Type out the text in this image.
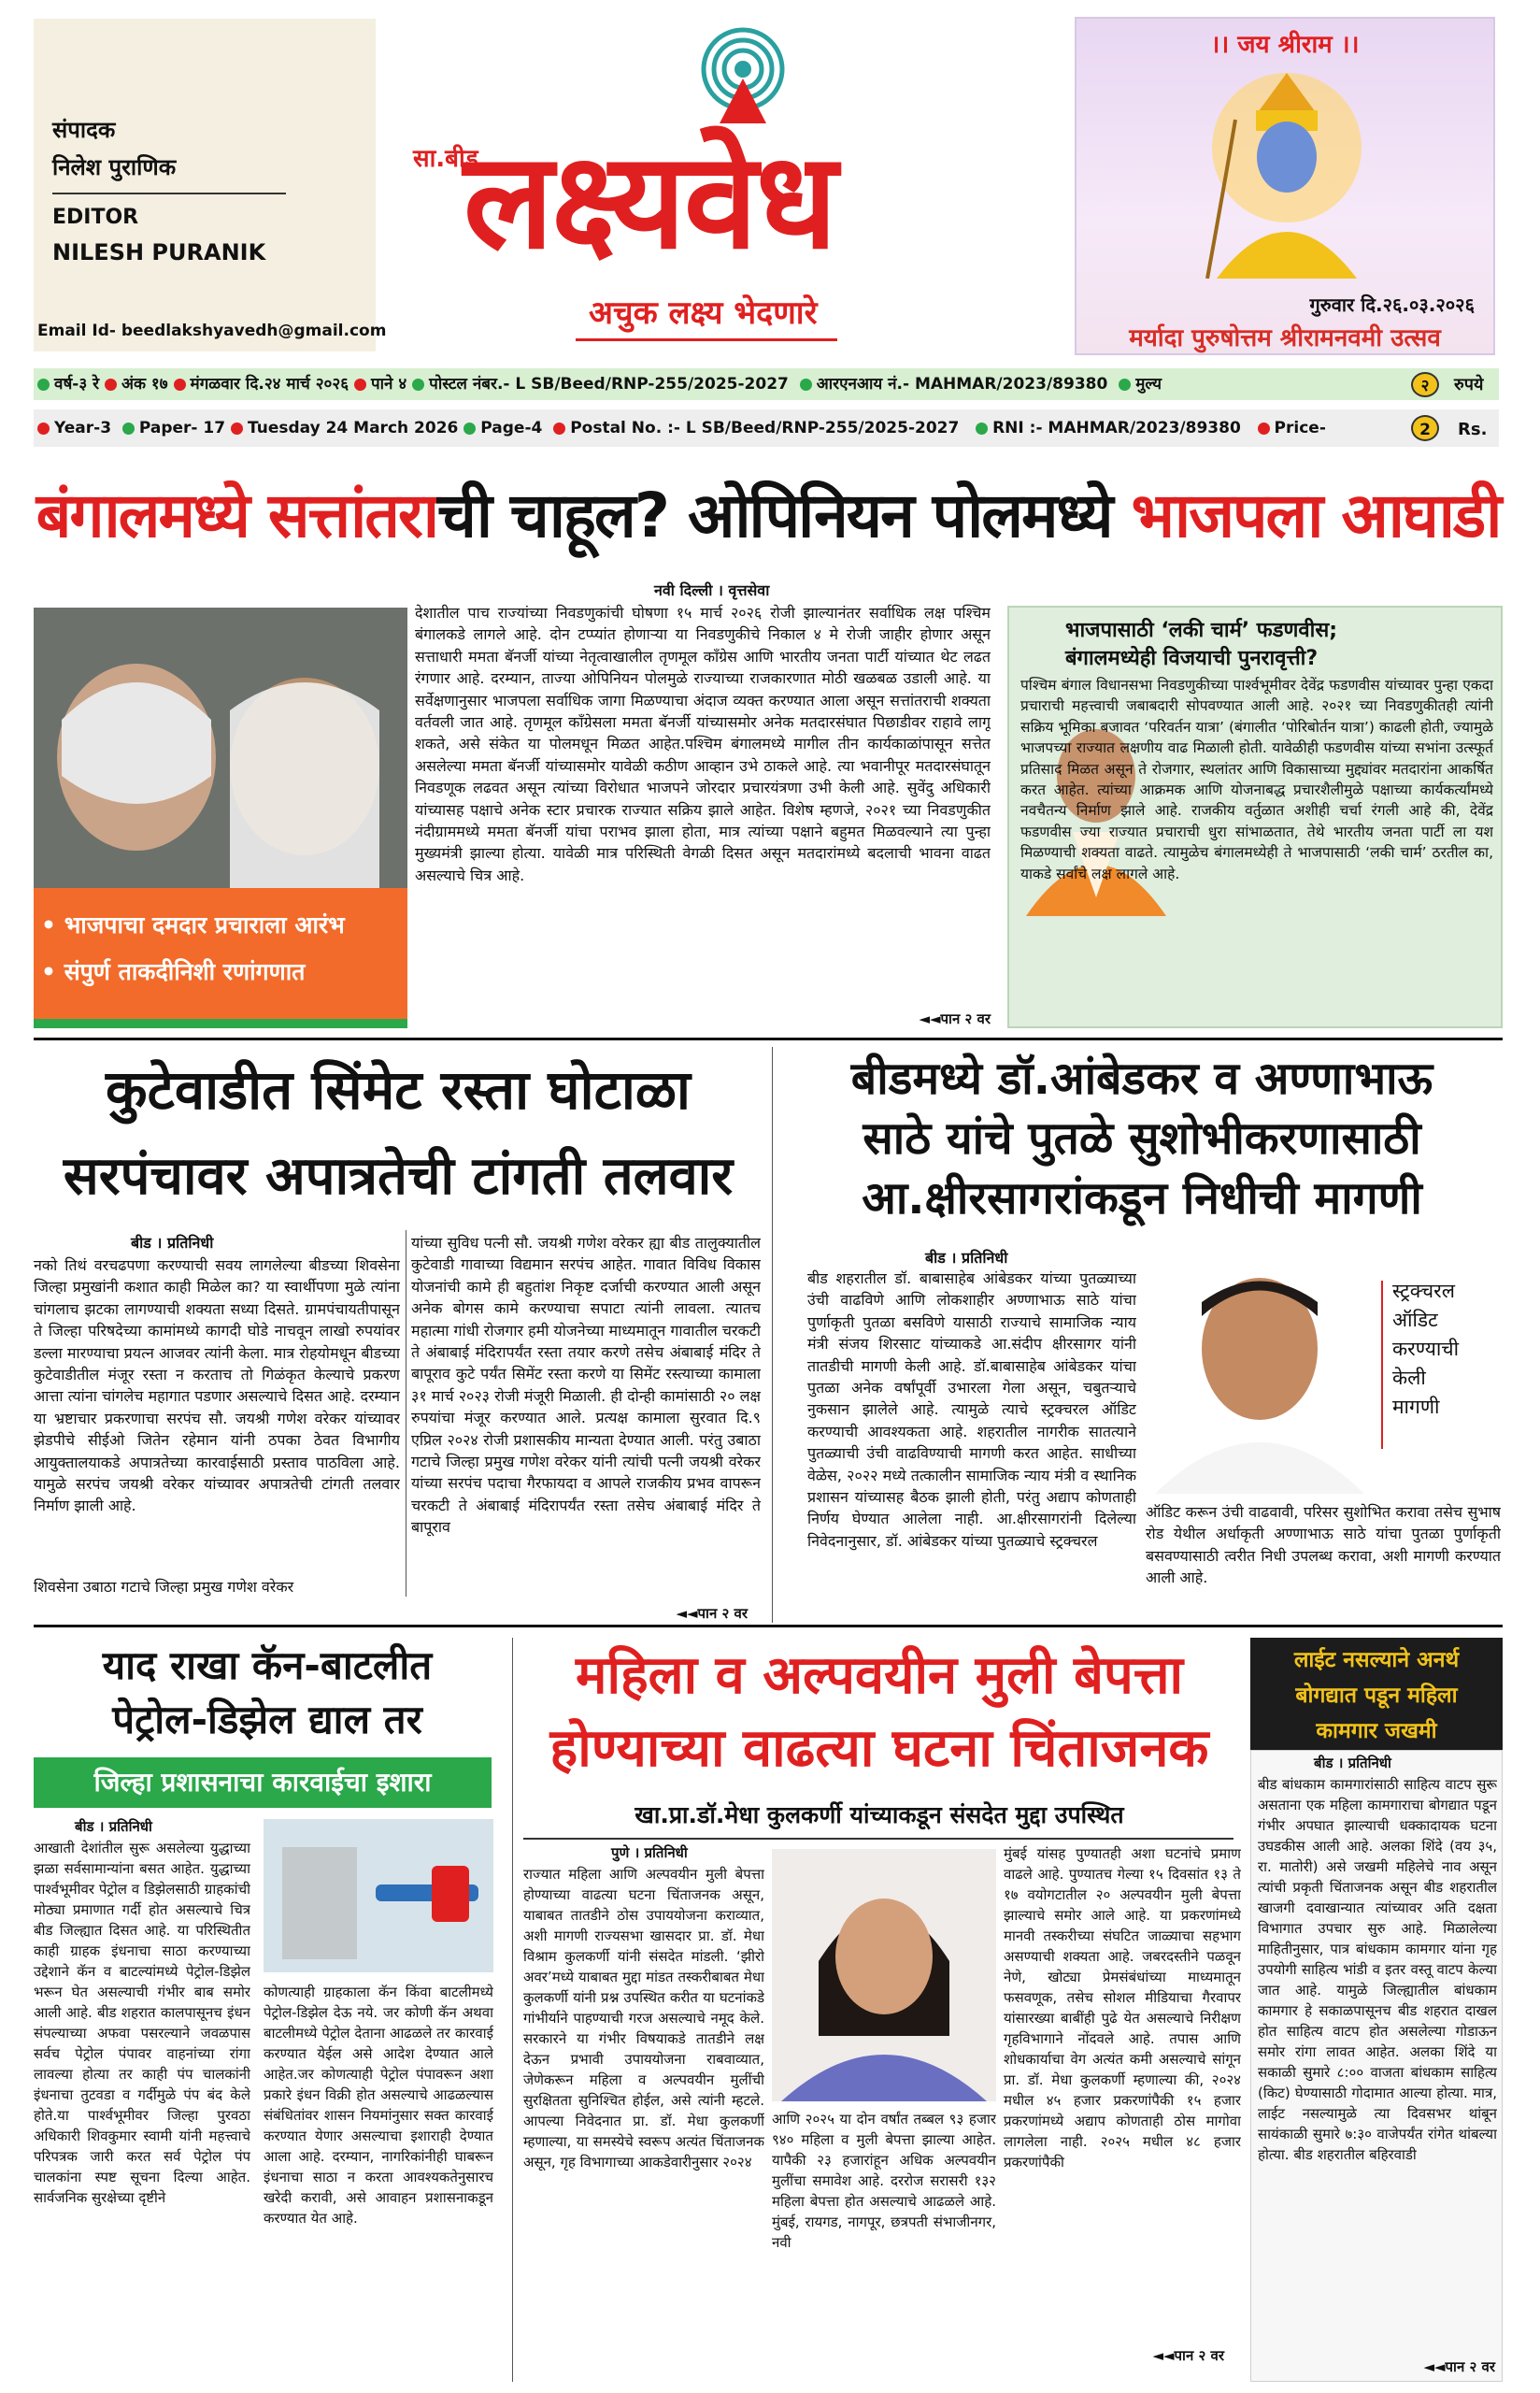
संपादक
निलेश पुराणिक
EDITOR
NILESH PURANIK
Email Id- beedlakshyavedh@gmail.com
सा.बीड
लक्ष्यवेध
अचुक लक्ष्य भेदणारे
।। जय श्रीराम ।।
गुरुवार दि.२६.०३.२०२६
मर्यादा पुरुषोत्तम श्रीरामनवमी उत्सव
वर्ष-३ रे अंक १७ मंगळवार दि.२४ मार्च २०२६ पाने ४ पोस्टल नंबर.- L SB/Beed/RNP-255/2025-2027 आरएनआय नं.- MAHMAR/2023/89380 मुल्य	२	रुपये
Year-3 Paper- 17 Tuesday 24 March 2026 Page-4 Postal No. :- L SB/Beed/RNP-255/2025-2027 RNI :- MAHMAR/2023/89380 Price-	2	Rs.
बंगालमध्ये सत्तांतराची चाहूल? ओपिनियन पोलमध्ये भाजपला आघाडी
• भाजपाचा दमदार प्रचाराला आरंभ
• संपुर्ण ताकदीनिशी रणांगणात
नवी दिल्ली । वृत्तसेवा

देशातील पाच राज्यांच्या निवडणुकांची घोषणा १५ मार्च २०२६ रोजी झाल्यानंतर सर्वाधिक लक्ष पश्चिम बंगालकडे लागले आहे. दोन टप्प्यांत होणाऱ्या या निवडणुकीचे निकाल ४ मे रोजी जाहीर होणार असून सत्ताधारी ममता बॅनर्जी यांच्या नेतृत्वाखालील तृणमूल काँग्रेस आणि भारतीय जनता पार्टी यांच्यात थेट लढत रंगणार आहे. दरम्यान, ताज्या ओपिनियन पोलमुळे राज्याच्या राजकारणात मोठी खळबळ उडाली आहे. या सर्वेक्षणानुसार भाजपला सर्वाधिक जागा मिळण्याचा अंदाज व्यक्त करण्यात आला असून सत्तांतराची शक्यता वर्तवली जात आहे. तृणमूल काँग्रेसला ममता बॅनर्जी यांच्यासमोर अनेक मतदारसंघात पिछाडीवर राहावे लागू शकते, असे संकेत या पोलमधून मिळत आहेत.पश्चिम बंगालमध्ये मागील तीन कार्यकाळांपासून सत्तेत असलेल्या ममता बॅनर्जी यांच्यासमोर यावेळी कठीण आव्हान उभे ठाकले आहे. त्या भवानीपूर मतदारसंघातून निवडणूक लढवत असून त्यांच्या विरोधात भाजपने जोरदार प्रचारयंत्रणा उभी केली आहे. सुवेंदु अधिकारी यांच्यासह पक्षाचे अनेक स्टार प्रचारक राज्यात सक्रिय झाले आहेत. विशेष म्हणजे, २०२१ च्या निवडणुकीत नंदीग्राममध्ये ममता बॅनर्जी यांचा पराभव झाला होता, मात्र त्यांच्या पक्षाने बहुमत मिळवल्याने त्या पुन्हा मुख्यमंत्री झाल्या होत्या. यावेळी मात्र परिस्थिती वेगळी दिसत असून मतदारांमध्ये बदलाची भावना वाढत असल्याचे चित्र आहे.

◄◄पान २ वर
भाजपासाठी ‘लकी चार्म’ फडणवीस;
बंगालमध्येही विजयाची पुनरावृत्ती?

पश्चिम बंगाल विधानसभा निवडणुकीच्या पार्श्वभूमीवर देवेंद्र फडणवीस यांच्यावर पुन्हा एकदा प्रचाराची महत्त्वाची जबाबदारी सोपवण्यात आली आहे. २०२१ च्या निवडणुकीतही त्यांनी सक्रिय भूमिका बजावत ‘परिवर्तन यात्रा’ (बंगालीत ‘पोरिबोर्तन यात्रा’) काढली होती, ज्यामुळे भाजपच्या राज्यात लक्षणीय वाढ मिळाली होती. यावेळीही फडणवीस यांच्या सभांना उत्स्फूर्त प्रतिसाद मिळत असून ते रोजगार, स्थलांतर आणि विकासाच्या मुद्द्यांवर मतदारांना आकर्षित करत आहेत. त्यांच्या आक्रमक आणि योजनाबद्ध प्रचारशैलीमुळे पक्षाच्या कार्यकर्त्यांमध्ये नवचैतन्य निर्माण झाले आहे. राजकीय वर्तुळात अशीही चर्चा रंगली आहे की, देवेंद्र फडणवीस ज्या राज्यात प्रचाराची धुरा सांभाळतात, तेथे भारतीय जनता पार्टी ला यश मिळण्याची शक्यता वाढते. त्यामुळेच बंगालमध्येही ते भाजपासाठी ‘लकी चार्म’ ठरतील का, याकडे सर्वांचे लक्ष लागले आहे.

कुटेवाडीत सिंमेट रस्ता घोटाळा
सरपंचावर अपात्रतेची टांगती तलवार
बीड । प्रतिनिधी

नको तिथं वरचढपणा करण्याची सवय लागलेल्या बीडच्या शिवसेना जिल्हा प्रमुखांनी कशात काही मिळेल का? या स्वार्थीपणा मुळे त्यांना चांगलाच झटका लागण्याची शक्यता सध्या दिसते. ग्रामपंचायतीपासून ते जिल्हा परिषदेच्या कामांमध्ये कागदी घोडे नाचवून लाखो रुपयांवर डल्ला मारण्याचा प्रयत्न आजवर त्यांनी केला. मात्र रोहयोमधून बीडच्या कुटेवाडीतील मंजूर रस्ता न करताच तो गिळंकृत केल्याचे प्रकरण आत्ता त्यांना चांगलेच महागात पडणार असल्याचे दिसत आहे. दरम्यान या भ्रष्टाचार प्रकरणाचा सरपंच सौ. जयश्री गणेश वरेकर यांच्यावर झेडपीचे सीईओ जितेन रहेमान यांनी ठपका ठेवत विभागीय आयुक्तालयाकडे अपात्रतेच्या कारवाईसाठी प्रस्ताव पाठविला आहे. यामुळे सरपंच जयश्री वरेकर यांच्यावर अपात्रतेची टांगती तलवार निर्माण झाली आहे.

शिवसेना उबाठा गटाचे जिल्हा प्रमुख गणेश वरेकर

यांच्या सुविध पत्नी सौ. जयश्री गणेश वरेकर ह्या बीड तालुक्यातील कुटेवाडी गावाच्या विद्यमान सरपंच आहेत. गावात विविध विकास योजनांची कामे ही बहुतांश निकृष्ट दर्जाची करण्यात आली असून अनेक बोगस कामे करण्याचा सपाटा त्यांनी लावला. त्यातच महात्मा गांधी रोजगार हमी योजनेच्या माध्यमातून गावातील चरकटी ते अंबाबाई मंदिरापर्यंत रस्ता तयार करणे तसेच अंबाबाई मंदिर ते बापूराव कुटे पर्यंत सिमेंट रस्ता करणे या सिमेंट रस्त्याच्या कामाला ३१ मार्च २०२३ रोजी मंजूरी मिळाली. ही दोन्ही कामांसाठी २० लक्ष रुपयांचा मंजूर करण्यात आले. प्रत्यक्ष कामाला सुरवात दि.९ एप्रिल २०२४ रोजी प्रशासकीय मान्यता देण्यात आली. परंतु उबाठा गटाचे जिल्हा प्रमुख गणेश वरेकर यांनी त्यांची पत्नी जयश्री वरेकर यांच्या सरपंच पदाचा गैरफायदा व आपले राजकीय प्रभव वापरून चरकटी ते अंबाबाई मंदिरापर्यंत रस्ता तसेच अंबाबाई मंदिर ते बापूराव

◄◄पान २ वर
बीडमध्ये डॉ.आंबेडकर व अण्णाभाऊ
साठे यांचे पुतळे सुशोभीकरणासाठी
आ.क्षीरसागरांकडून निधीची मागणी
बीड । प्रतिनिधी

बीड शहरातील डॉ. बाबासाहेब आंबेडकर यांच्या पुतळ्याच्या उंची वाढविणे आणि लोकशाहीर अण्णाभाऊ साठे यांचा पुर्णाकृती पुतळा बसविणे यासाठी राज्याचे सामाजिक न्याय मंत्री संजय शिरसाट यांच्याकडे आ.संदीप क्षीरसागर यांनी तातडीची मागणी केली आहे. डॉ.बाबासाहेब आंबेडकर यांचा पुतळा अनेक वर्षांपूर्वी उभारला गेला असून, चबुतऱ्याचे नुकसान झालेले आहे. त्यामुळे त्याचे स्ट्रक्चरल ऑडिट करण्याची आवश्यकता आहे. शहरातील नागरीक सातत्याने पुतळ्याची उंची वाढविण्याची मागणी करत आहेत. साधीच्या वेळेस, २०२२ मध्ये तत्कालीन सामाजिक न्याय मंत्री व स्थानिक प्रशासन यांच्यासह बैठक झाली होती, परंतु अद्याप कोणताही निर्णय घेण्यात आलेला नाही. आ.क्षीरसागरांनी दिलेल्या निवेदनानुसार, डॉ. आंबेडकर यांच्या पुतळ्याचे स्ट्रक्चरल

स्ट्रक्चरल
ऑडिट
करण्याची
केली
मागणी

ऑडिट करून उंची वाढवावी, परिसर सुशोभित करावा तसेच सुभाष रोड येथील अर्धाकृती अण्णाभाऊ साठे यांचा पुतळा पुर्णाकृती बसवण्यासाठी त्वरीत निधी उपलब्ध करावा, अशी मागणी करण्यात आली आहे.

याद राखा कॅन-बाटलीत
पेट्रोल-डिझेल द्याल तर
जिल्हा प्रशासनाचा कारवाईचा इशारा
बीड । प्रतिनिधी

आखाती देशांतील सुरू असलेल्या युद्धाच्या झळा सर्वसामान्यांना बसत आहेत. युद्धाच्या पार्श्वभूमीवर पेट्रोल व डिझेलसाठी ग्राहकांची मोठ्या प्रमाणात गर्दी होत असल्याचे चित्र बीड जिल्ह्यात दिसत आहे. या परिस्थितीत काही ग्राहक इंधनाचा साठा करण्याच्या उद्देशाने कॅन व बाटल्यांमध्ये पेट्रोल-डिझेल भरून घेत असल्याची गंभीर बाब समोर आली आहे. बीड शहरात कालपासूनच इंधन संपल्याच्या अफवा पसरल्याने जवळपास सर्वच पेट्रोल पंपावर वाहनांच्या रांगा लावल्या होत्या तर काही पंप चालकांनी इंधनाचा तुटवडा व गर्दीमुळे पंप बंद केले होते.या पार्श्वभूमीवर जिल्हा पुरवठा अधिकारी शिवकुमार स्वामी यांनी महत्त्वाचे परिपत्रक जारी करत सर्व पेट्रोल पंप चालकांना स्पष्ट सूचना दिल्या आहेत. सार्वजनिक सुरक्षेच्या दृष्टीने

कोणत्याही ग्राहकाला कॅन किंवा बाटलीमध्ये पेट्रोल-डिझेल देऊ नये. जर कोणी कॅन अथवा बाटलीमध्ये पेट्रोल देताना आढळले तर कारवाई करण्यात येईल असे आदेश देण्यात आले आहेत.जर कोणत्याही पेट्रोल पंपावरून अशा प्रकारे इंधन विक्री होत असल्याचे आढळल्यास संबंधितांवर शासन नियमांनुसार सक्त कारवाई करण्यात येणार असल्याचा इशाराही देण्यात आला आहे. दरम्यान, नागरिकांनीही घाबरून इंधनाचा साठा न करता आवश्यकतेनुसारच खरेदी करावी, असे आवाहन प्रशासनाकडून करण्यात येत आहे.

महिला व अल्पवयीन मुली बेपत्ता
होण्याच्या वाढत्या घटना चिंताजनक
खा.प्रा.डॉ.मेधा कुलकर्णी यांच्याकडून संसदेत मुद्दा उपस्थित
पुणे । प्रतिनिधी

राज्यात महिला आणि अल्पवयीन मुली बेपत्ता होण्याच्या वाढत्या घटना चिंताजनक असून, याबाबत तातडीने ठोस उपाययोजना कराव्यात, अशी मागणी राज्यसभा खासदार प्रा. डॉ. मेधा विश्राम कुलकर्णी यांनी संसदेत मांडली. ‘झीरो अवर’मध्ये याबाबत मुद्दा मांडत तस्करीबाबत मेधा कुलकर्णी यांनी प्रश्न उपस्थित करीत या घटनांकडे गांभीर्याने पाहण्याची गरज असल्याचे नमूद केले. सरकारने या गंभीर विषयाकडे तातडीने लक्ष देऊन प्रभावी उपाययोजना राबवाव्यात, जेणेकरून महिला व अल्पवयीन मुलींची सुरक्षितता सुनिश्चित होईल, असे त्यांनी म्हटले. आपल्या निवेदनात प्रा. डॉ. मेधा कुलकर्णी म्हणाल्या, या समस्येचे स्वरूप अत्यंत चिंताजनक असून, गृह विभागाच्या आकडेवारीनुसार २०२४

आणि २०२५ या दोन वर्षांत तब्बल ९३ हजार ९४० महिला व मुली बेपत्ता झाल्या आहेत. यापैकी २३ हजारांहून अधिक अल्पवयीन मुलींचा समावेश आहे. दररोज सरासरी १३२ महिला बेपत्ता होत असल्याचे आढळले आहे. मुंबई, रायगड, नागपूर, छत्रपती संभाजीनगर, नवी

मुंबई यांसह पुण्यातही अशा घटनांचे प्रमाण वाढले आहे. पुण्यातच गेल्या १५ दिवसांत १३ ते १७ वयोगटातील २० अल्पवयीन मुली बेपत्ता झाल्याचे समोर आले आहे. या प्रकरणांमध्ये मानवी तस्करीच्या संघटित जाळ्याचा सहभाग असण्याची शक्यता आहे. जबरदस्तीने पळवून नेणे, खोट्या प्रेमसंबंधांच्या माध्यमातून फसवणूक, तसेच सोशल मीडियाचा गैरवापर यांसारख्या बाबींही पुढे येत असल्याचे निरीक्षण गृहविभागाने नोंदवले आहे. तपास आणि शोधकार्याचा वेग अत्यंत कमी असल्याचे सांगून प्रा. डॉ. मेधा कुलकर्णी म्हणाल्या की, २०२४ मधील ४५ हजार प्रकरणांपैकी १५ हजार प्रकरणांमध्ये अद्याप कोणताही ठोस मागोवा लागलेला नाही. २०२५ मधील ४८ हजार प्रकरणांपैकी

◄◄पान २ वर
लाईट नसल्याने अनर्थ
बोगद्यात पडून महिला
कामगार जखमी
बीड । प्रतिनिधी

बीड बांधकाम कामगारांसाठी साहित्य वाटप सुरू असताना एक महिला कामगाराचा बोगद्यात पडून गंभीर अपघात झाल्याची धक्कादायक घटना उघडकीस आली आहे. अलका शिंदे (वय ३५, रा. मातोरी) असे जखमी महिलेचे नाव असून त्यांची प्रकृती चिंताजनक असून बीड शहरातील खाजगी दवाखान्यात त्यांच्यावर अति दक्षता विभागात उपचार सुरु आहे. मिळालेल्या माहितीनुसार, पात्र बांधकाम कामगार यांना गृह उपयोगी साहित्य भांडी व इतर वस्तू वाटप केल्या जात आहे. यामुळे जिल्ह्यातील बांधकाम कामगार हे सकाळपासूनच बीड शहरात दाखल होत साहित्य वाटप होत असलेल्या गोडाऊन समोर रांगा लावत आहेत. अलका शिंदे या सकाळी सुमारे ८:०० वाजता बांधकाम साहित्य (किट) घेण्यासाठी गोदामात आल्या होत्या. मात्र, लाईट नसल्यामुळे त्या दिवसभर थांबून सायंकाळी सुमारे ७:३० वाजेपर्यंत रांगेत थांबल्या होत्या. बीड शहरातील बहिरवाडी

◄◄पान २ वर
